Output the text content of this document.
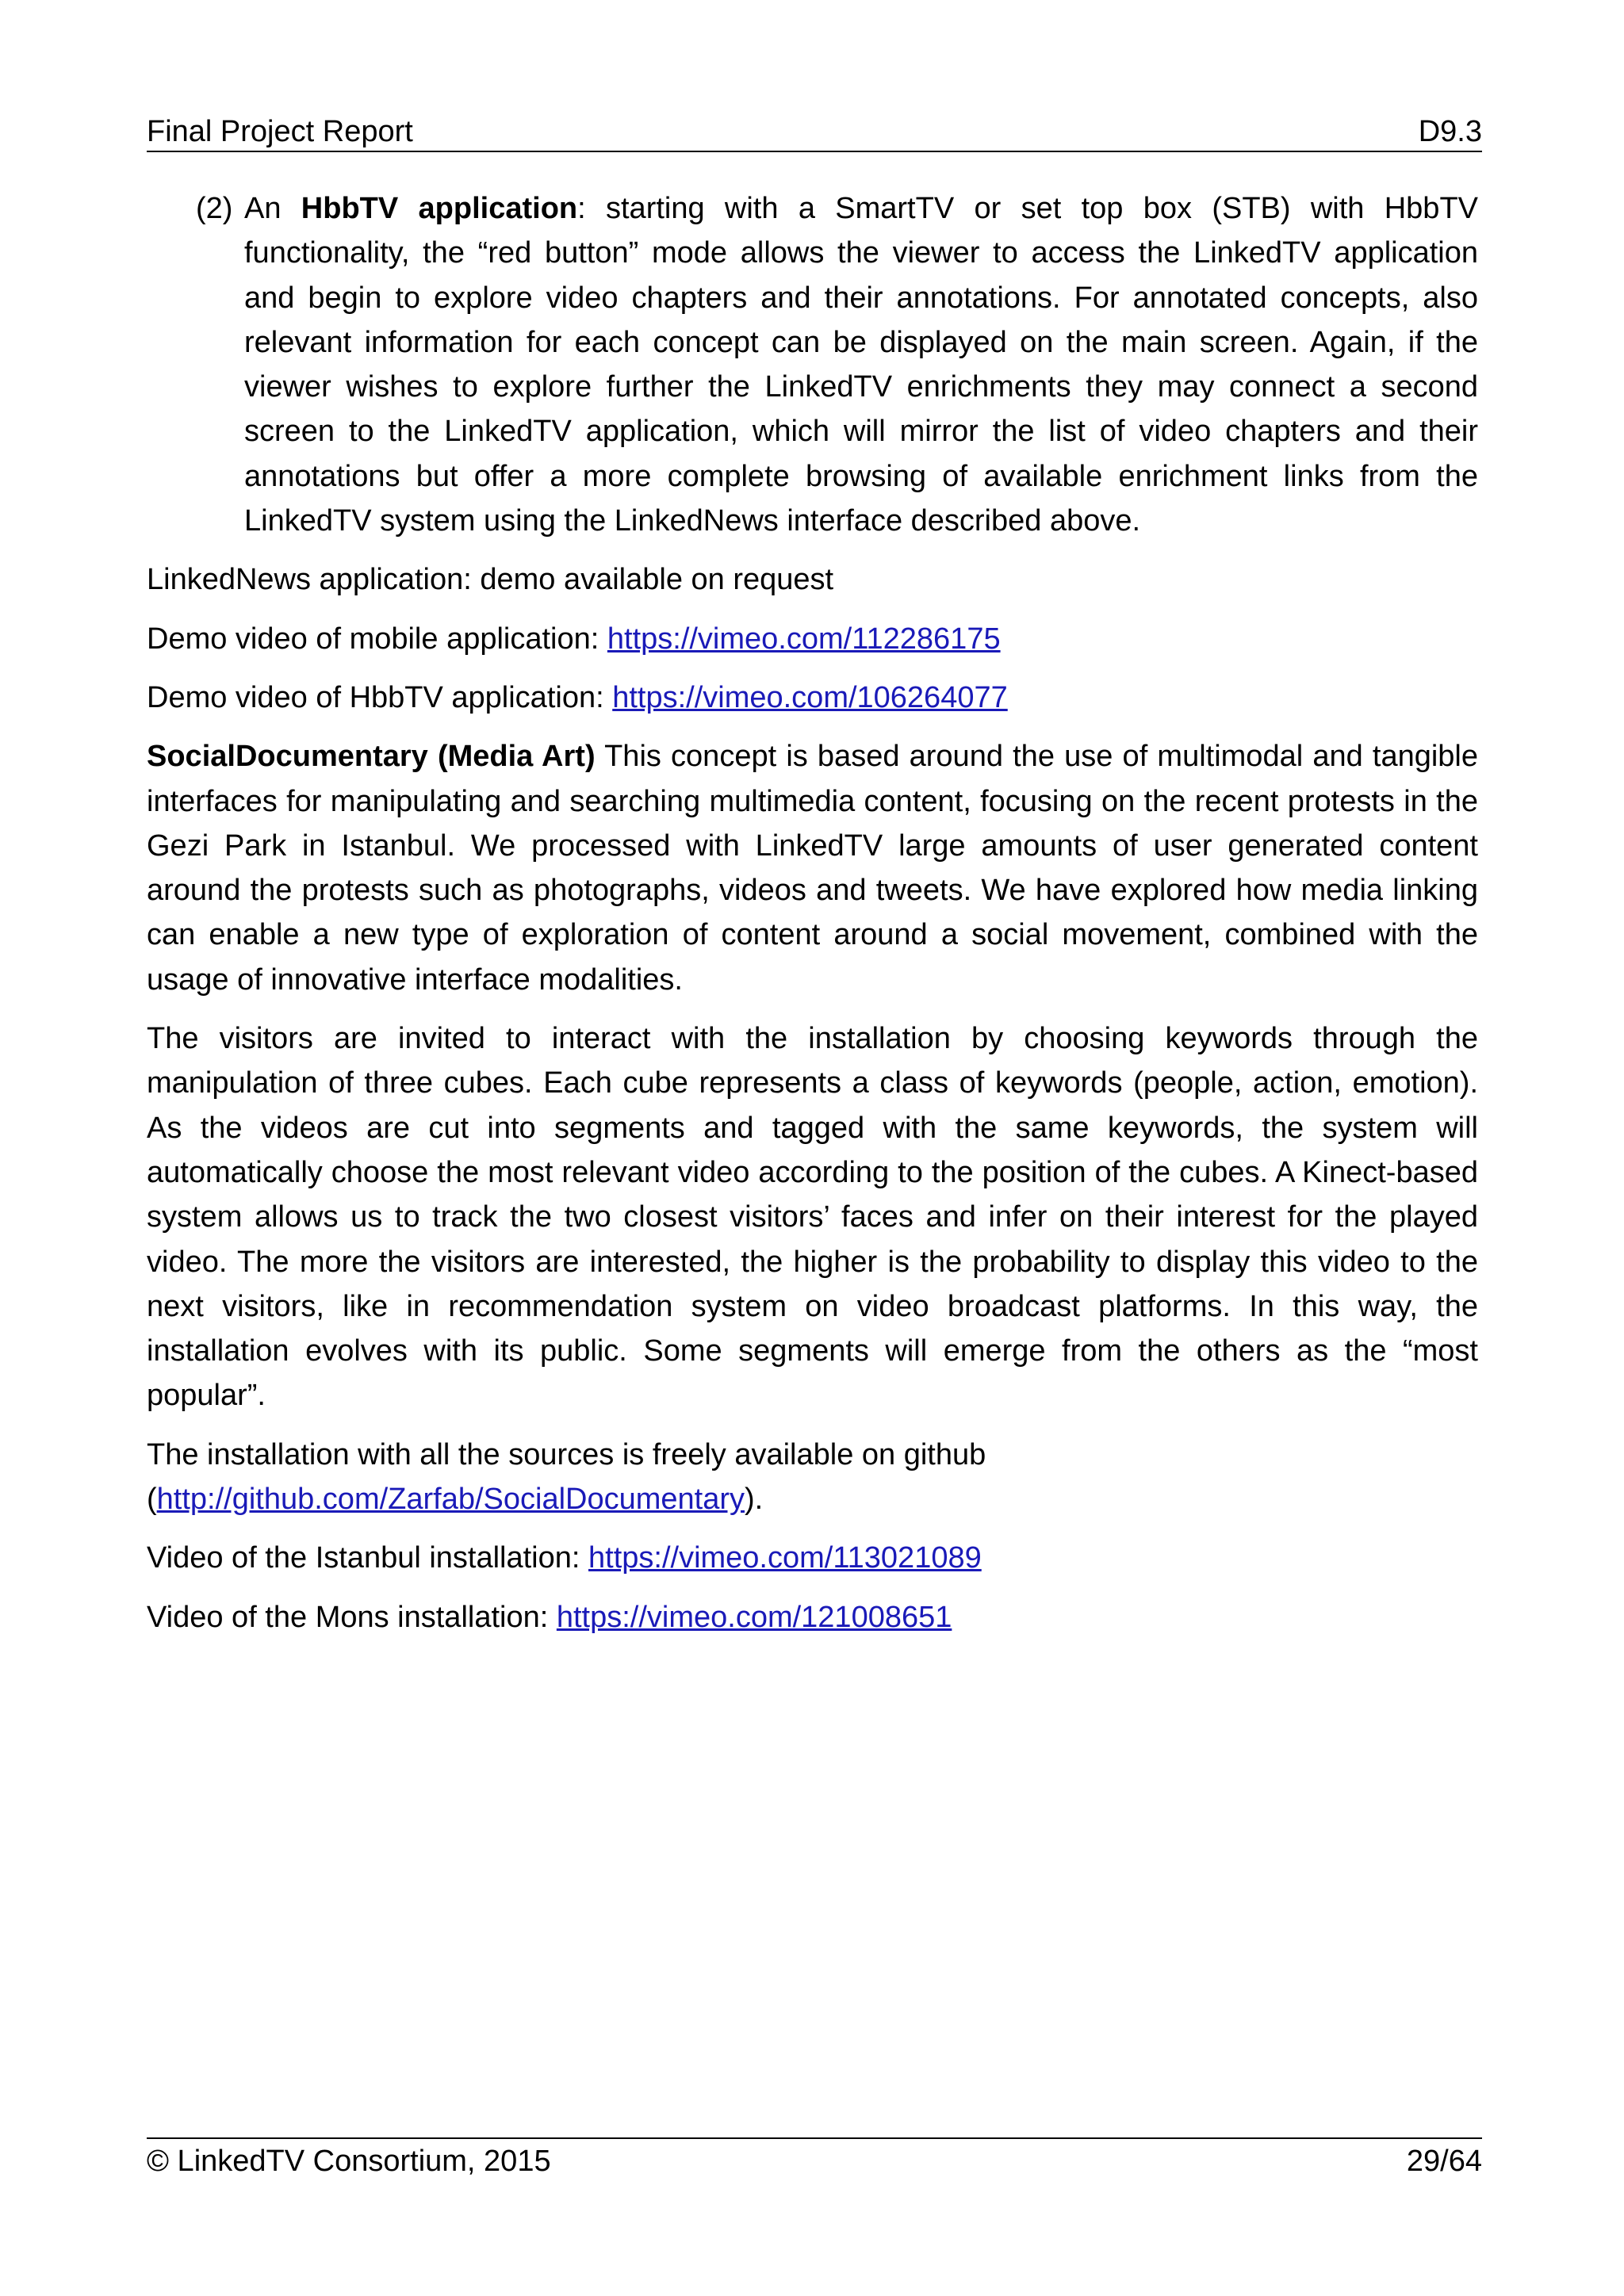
Final Project Report	D9.3
(2) An HbbTV application: starting with a SmartTV or set top box (STB) with HbbTV functionality, the “red button” mode allows the viewer to access the LinkedTV application and begin to explore video chapters and their annotations. For annotated concepts, also relevant information for each concept can be displayed on the main screen. Again, if the viewer wishes to explore further the LinkedTV enrichments they may connect a second screen to the LinkedTV application, which will mirror the list of video chapters and their annotations but offer a more complete browsing of available enrichment links from the LinkedTV system using the LinkedNews interface described above.

LinkedNews application: demo available on request

Demo video of mobile application: https://vimeo.com/112286175

Demo video of HbbTV application: https://vimeo.com/106264077

SocialDocumentary (Media Art) This concept is based around the use of multimodal and tangible interfaces for manipulating and searching multimedia content, focusing on the recent protests in the Gezi Park in Istanbul. We processed with LinkedTV large amounts of user generated content around the protests such as photographs, videos and tweets. We have explored how media linking can enable a new type of exploration of content around a social movement, combined with the usage of innovative interface modalities.

The visitors are invited to interact with the installation by choosing keywords through the manipulation of three cubes. Each cube represents a class of keywords (people, action, emotion). As the videos are cut into segments and tagged with the same keywords, the system will automatically choose the most relevant video according to the position of the cubes. A Kinect-based system allows us to track the two closest visitors’ faces and infer on their interest for the played video. The more the visitors are interested, the higher is the probability to display this video to the next visitors, like in recommendation system on video broadcast platforms. In this way, the installation evolves with its public. Some segments will emerge from the others as the “most popular”.

The installation with all the sources is freely available on github
(http://github.com/Zarfab/SocialDocumentary).

Video of the Istanbul installation: https://vimeo.com/113021089

Video of the Mons installation: https://vimeo.com/121008651

© LinkedTV Consortium, 2015	29/64
